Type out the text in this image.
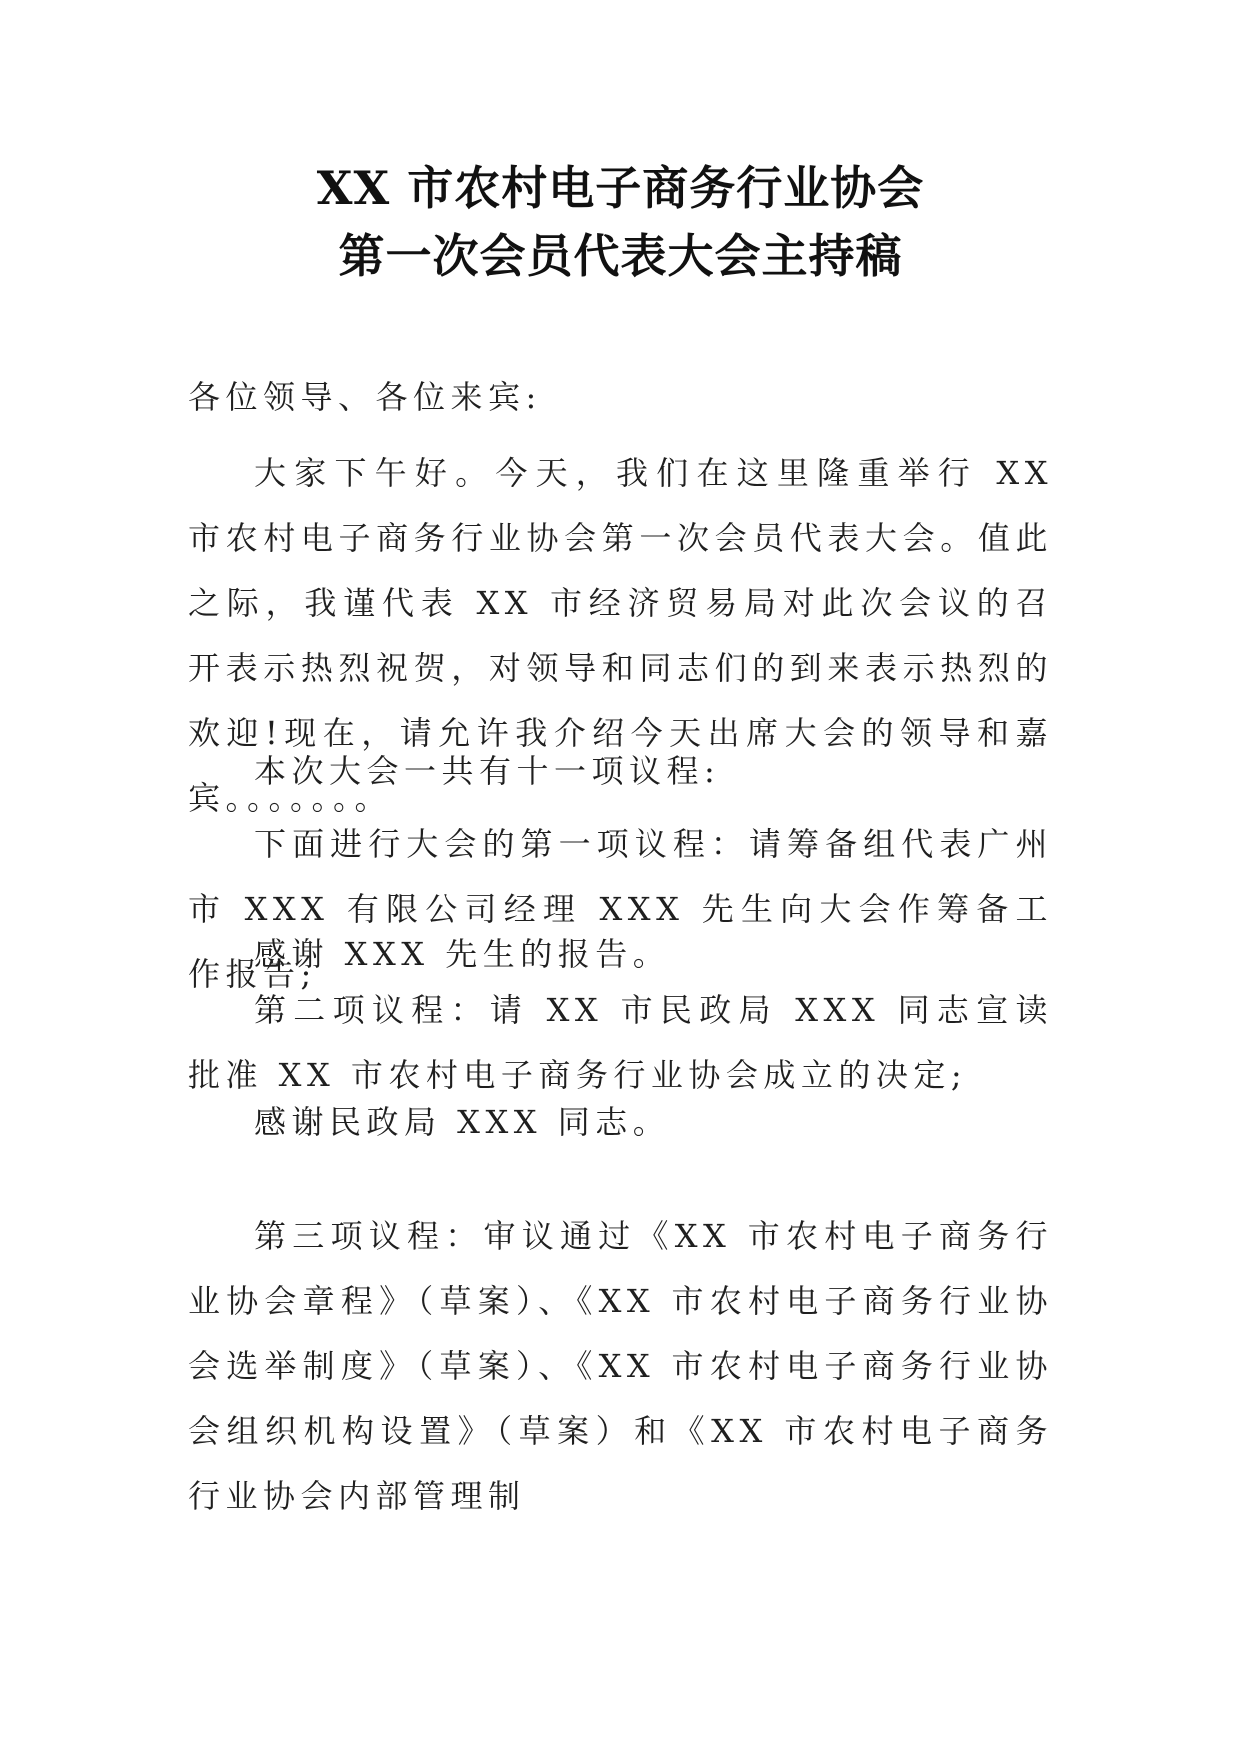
XX 市农村电子商务行业协会
第一次会员代表大会主持稿

各位领导、各位来宾:

大家下午好。今天，我们在这里隆重举行 XX 市农村电子商务行业协会第一次会员代表大会。值此之际，我谨代表 XX 市经济贸易局对此次会议的召开表示热烈祝贺，对领导和同志们的到来表示热烈的欢迎!现在，请允许我介绍今天出席大会的领导和嘉宾。。。。。。。

本次大会一共有十一项议程:

下面进行大会的第一项议程：请筹备组代表广州市 XXX 有限公司经理 XXX 先生向大会作筹备工作报告;

感谢 XXX 先生的报告。

第二项议程：请 XX 市民政局 XXX 同志宣读批准 XX 市农村电子商务行业协会成立的决定;

感谢民政局 XXX 同志。

第三项议程：审议通过《XX 市农村电子商务行业协会章程》（草案）、《XX 市农村电子商务行业协会选举制度》（草案）、《XX 市农村电子商务行业协会组织机构设置》（草案）和《XX 市农村电子商务行业协会内部管理制
